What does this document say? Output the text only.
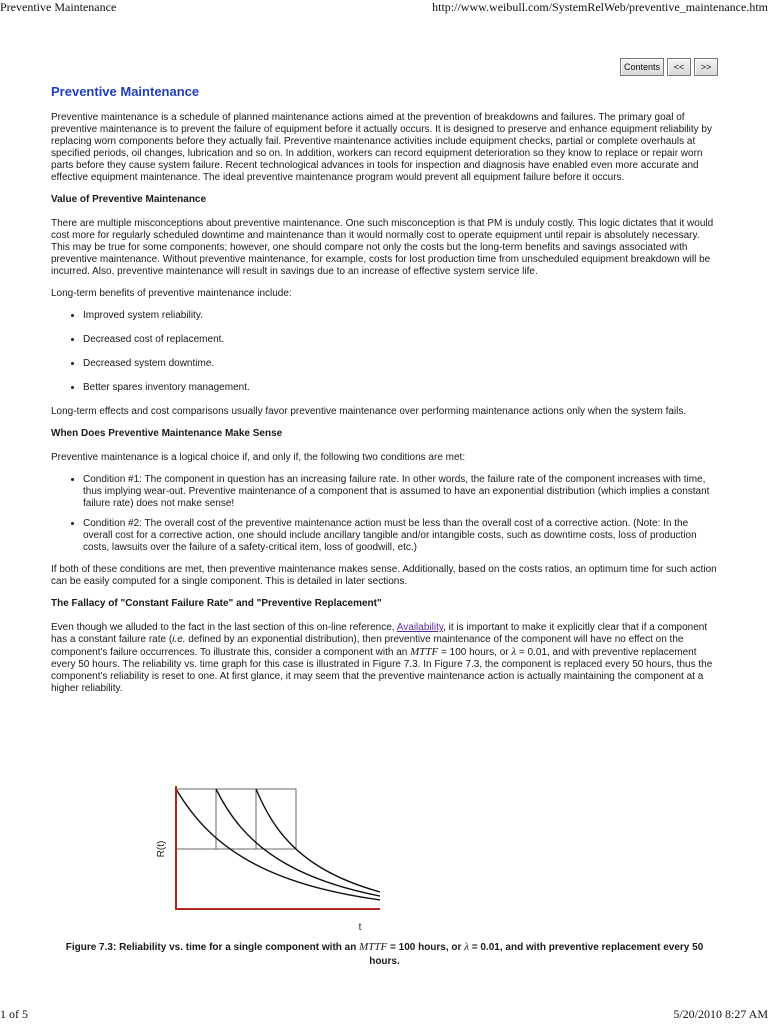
Preventive Maintenance	http://www.weibull.com/SystemRelWeb/preventive_maintenance.htm
Contents	<<	>>
Preventive Maintenance

Preventive maintenance is a schedule of planned maintenance actions aimed at the prevention of breakdowns and failures. The primary goal of preventive maintenance is to prevent the failure of equipment before it actually occurs. It is designed to preserve and enhance equipment reliability by replacing worn components before they actually fail. Preventive maintenance activities include equipment checks, partial or complete overhauls at specified periods, oil changes, lubrication and so on. In addition, workers can record equipment deterioration so they know to replace or repair worn parts before they cause system failure. Recent technological advances in tools for inspection and diagnosis have enabled even more accurate and effective equipment maintenance. The ideal preventive maintenance program would prevent all equipment failure before it occurs.

Value of Preventive Maintenance

There are multiple misconceptions about preventive maintenance. One such misconception is that PM is unduly costly. This logic dictates that it would cost more for regularly scheduled downtime and maintenance than it would normally cost to operate equipment until repair is absolutely necessary. This may be true for some components; however, one should compare not only the costs but the long-term benefits and savings associated with preventive maintenance. Without preventive maintenance, for example, costs for lost production time from unscheduled equipment breakdown will be incurred. Also, preventive maintenance will result in savings due to an increase of effective system service life.

Long-term benefits of preventive maintenance include:

• Improved system reliability.
• Decreased cost of replacement.
• Decreased system downtime.
• Better spares inventory management.

Long-term effects and cost comparisons usually favor preventive maintenance over performing maintenance actions only when the system fails.

When Does Preventive Maintenance Make Sense

Preventive maintenance is a logical choice if, and only if, the following two conditions are met:

• Condition #1: The component in question has an increasing failure rate. In other words, the failure rate of the component increases with time, thus implying wear-out. Preventive maintenance of a component that is assumed to have an exponential distribution (which implies a constant failure rate) does not make sense!
• Condition #2: The overall cost of the preventive maintenance action must be less than the overall cost of a corrective action. (Note: In the overall cost for a corrective action, one should include ancillary tangible and/or intangible costs, such as downtime costs, loss of production costs, lawsuits over the failure of a safety-critical item, loss of goodwill, etc.)

If both of these conditions are met, then preventive maintenance makes sense. Additionally, based on the costs ratios, an optimum time for such action can be easily computed for a single component. This is detailed in later sections.

The Fallacy of "Constant Failure Rate" and "Preventive Replacement"

Even though we alluded to the fact in the last section of this on-line reference, Availability, it is important to make it explicitly clear that if a component has a constant failure rate (i.e. defined by an exponential distribution), then preventive maintenance of the component will have no effect on the component's failure occurrences. To illustrate this, consider a component with an MTTF = 100 hours, or λ = 0.01, and with preventive replacement every 50 hours. The reliability vs. time graph for this case is illustrated in Figure 7.3. In Figure 7.3, the component is replaced every 50 hours, thus the component's reliability is reset to one. At first glance, it may seem that the preventive maintenance action is actually maintaining the component at a higher reliability.

R(t)
t
Figure 7.3: Reliability vs. time for a single component with an MTTF = 100 hours, or λ = 0.01, and with preventive replacement every 50 hours.
1 of 5	5/20/2010 8:27 AM
